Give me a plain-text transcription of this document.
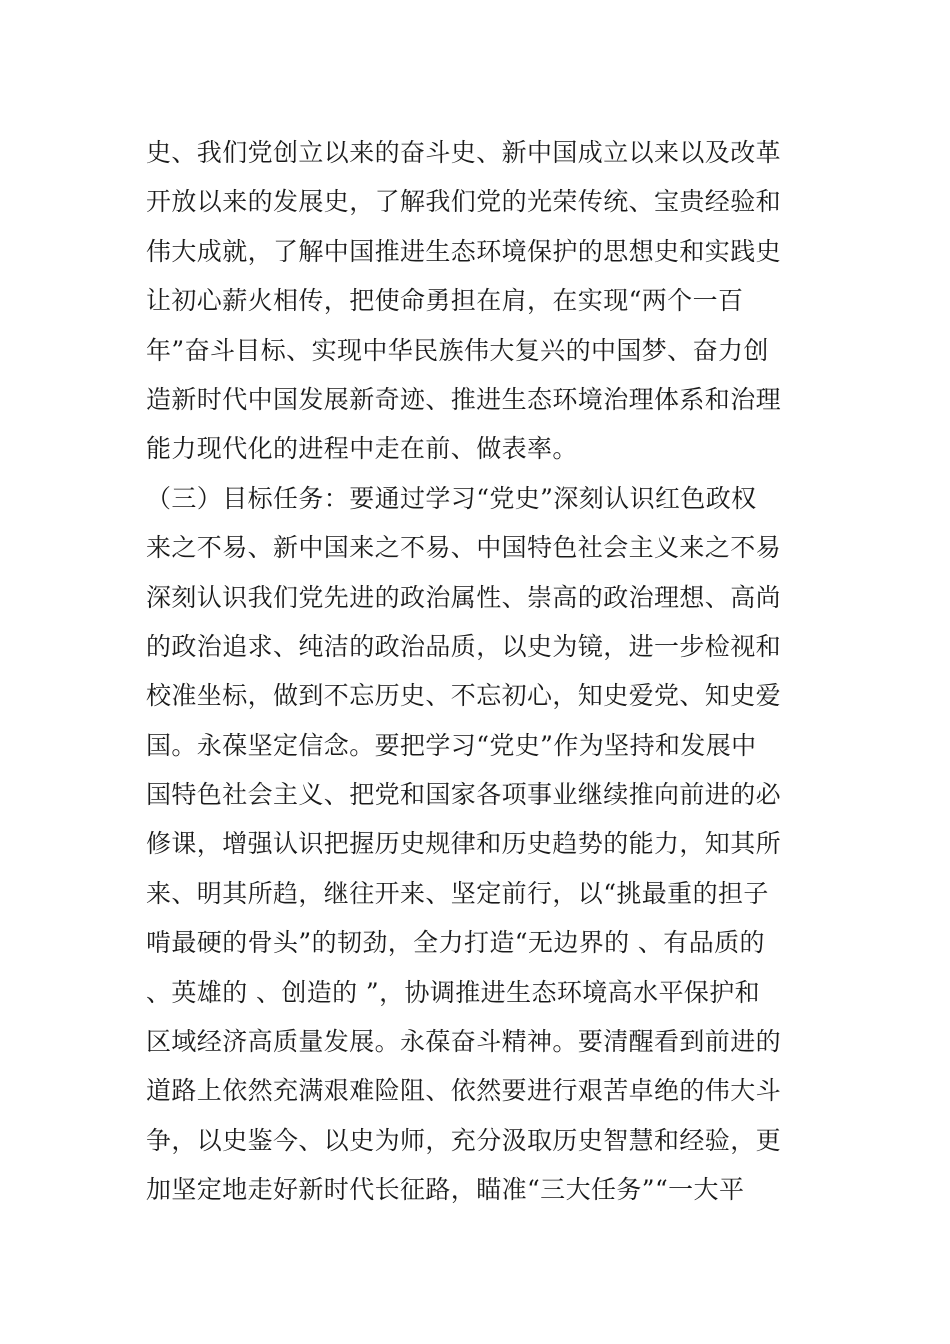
史、我们党创立以来的奋斗史、新中国成立以来以及改革
开放以来的发展史，了解我们党的光荣传统、宝贵经验和
伟大成就，了解中国推进生态环境保护的思想史和实践史
让初心薪火相传，把使命勇担在肩，在实现“两个一百
年”奋斗目标、实现中华民族伟大复兴的中国梦、奋力创
造新时代中国发展新奇迹、推进生态环境治理体系和治理
能力现代化的进程中走在前、做表率。
（三）目标任务：要通过学习“党史”深刻认识红色政权
来之不易、新中国来之不易、中国特色社会主义来之不易
深刻认识我们党先进的政治属性、崇高的政治理想、高尚
的政治追求、纯洁的政治品质，以史为镜，进一步检视和
校准坐标，做到不忘历史、不忘初心，知史爱党、知史爱
国。永葆坚定信念。要把学习“党史”作为坚持和发展中
国特色社会主义、把党和国家各项事业继续推向前进的必
修课，增强认识把握历史规律和历史趋势的能力，知其所
来、明其所趋，继往开来、坚定前行，以“挑最重的担子
啃最硬的骨头”的韧劲，全力打造“无边界的 、有品质的
、英雄的 、创造的 ”，协调推进生态环境高水平保护和
区域经济高质量发展。永葆奋斗精神。要清醒看到前进的
道路上依然充满艰难险阻、依然要进行艰苦卓绝的伟大斗
争，以史鉴今、以史为师，充分汲取历史智慧和经验，更
加坚定地走好新时代长征路，瞄准“三大任务”“一大平
